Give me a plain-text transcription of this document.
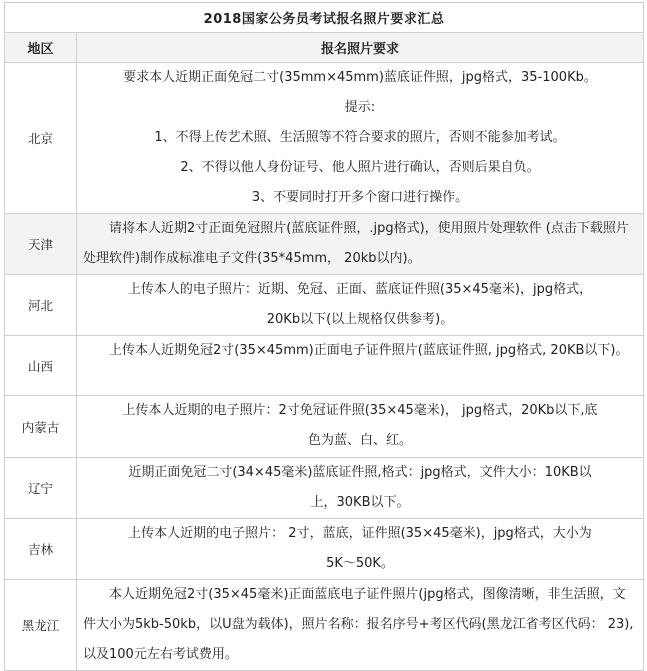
2018国家公务员考试报名照片要求汇总	
地区	报名照片要求
北京	要求本人近期正面免冠二寸(35mm×45mm)蓝底证件照，jpg格式，35-100Kb。

提示:

1、不得上传艺术照、生活照等不符合要求的照片，否则不能参加考试。

2、不得以他人身份证号、他人照片进行确认，否则后果自负。

3、不要同时打开多个窗口进行操作。

天津	请将本人近期2寸正面免冠照片(蓝底证件照，.jpg格式)，使用照片处理软件 (点击下载照片处理软件)制作成标准电子文件(35*45mm， 20kb以内)。

河北	上传本人的电子照片：近期、免冠、正面、蓝底证件照(35×45毫米)，jpg格式，

20Kb以下(以上规格仅供参考)。

山西	上传本人近期免冠2寸(35×45mm)正面电子证件照片(蓝底证件照, jpg格式, 20KB以下)。

内蒙古	上传本人近期的电子照片：2寸免冠证件照(35×45毫米)， jpg格式，20Kb以下,底

色为蓝、白、红。

辽宁	近期正面免冠二寸(34×45毫米)蓝底证件照,格式：jpg格式，文件大小：10KB以

上，30KB以下。

吉林	上传本人近期的电子照片： 2寸，蓝底，证件照(35×45毫米)，jpg格式，大小为

5K～50K。

黑龙江	本人近期免冠2寸(35×45毫米)正面蓝底电子证件照片(jpg格式，图像清晰，非生活照，文件大小为5kb-50kb，以U盘为载体)，照片名称：报名序号+考区代码(黑龙江省考区代码： 23),以及100元左右考试费用。
